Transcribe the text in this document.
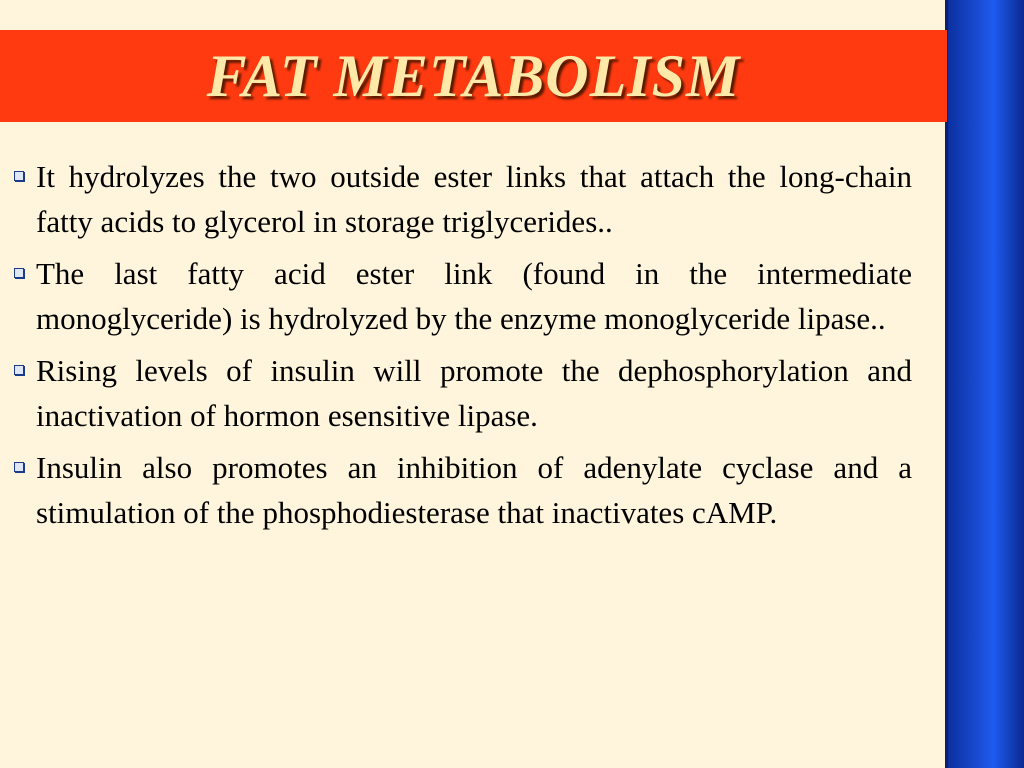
FAT METABOLISM
It hydrolyzes the two outside ester links that attach the long-chain fatty acids to glycerol in storage triglycerides..
The last fatty acid ester link (found in the intermediate monoglyceride) is hydrolyzed by the enzyme monoglyceride lipase..
Rising levels of insulin will promote the dephosphorylation and inactivation of hormon esensitive lipase.
Insulin also promotes an inhibition of adenylate cyclase and a stimulation of the phosphodiesterase that inactivates cAMP.
